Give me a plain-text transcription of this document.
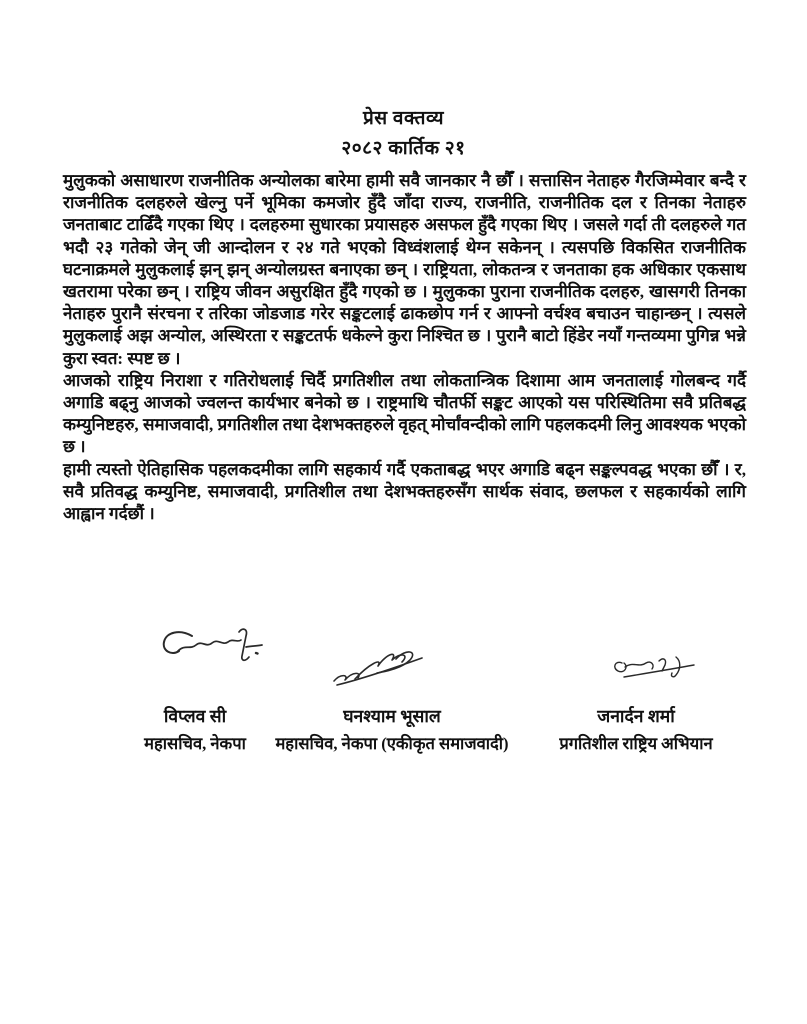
प्रेस वक्तव्य
२०८२ कार्तिक २१

मुलुकको असाधारण राजनीतिक अन्योलका बारेमा हामी सवै जानकार नै छौँ । सत्तासिन नेताहरु गैरजिम्मेवार बन्दै र राजनीतिक दलहरुले खेल्नु पर्ने भूमिका कमजोर हुँदै जाँदा राज्य, राजनीति, राजनीतिक दल र तिनका नेताहरु जनताबाट टाढिँदै गएका थिए । दलहरुमा सुधारका प्रयासहरु असफल हुँदै गएका थिए । जसले गर्दा ती दलहरुले गत भदौ २३ गतेको जेन् जी आन्दोलन र २४ गते भएको विध्वंशलाई थेग्न सकेनन् । त्यसपछि विकसित राजनीतिक घटनाक्रमले मुलुकलाई झन् झन् अन्योलग्रस्त बनाएका छन् । राष्ट्रियता, लोकतन्त्र र जनताका हक अधिकार एकसाथ खतरामा परेका छन् । राष्ट्रिय जीवन असुरक्षित हुँदै गएको छ । मुलुकका पुराना राजनीतिक दलहरु, खासगरी तिनका नेताहरु पुरानै संरचना र तरिका जोडजाड गरेर सङ्कटलाई ढाकछोप गर्न र आफ्नो वर्चश्व बचाउन चाहान्छन् । त्यसले मुलुकलाई अझ अन्योल, अस्थिरता र सङ्कटतर्फ धकेल्ने कुरा निश्चित छ । पुरानै बाटो हिंडेर नयाँ गन्तव्यमा पुगिन्न भन्ने कुरा स्वत: स्पष्ट छ ।

आजको राष्ट्रिय निराशा र गतिरोधलाई चिर्दै प्रगतिशील तथा लोकतान्त्रिक दिशामा आम जनतालाई गोलबन्द गर्दै अगाडि बढ्नु आजको ज्वलन्त कार्यभार बनेको छ । राष्ट्रमाथि चौतर्फी सङ्कट आएको यस परिस्थितिमा सवै प्रतिबद्ध कम्युनिष्टहरु, समाजवादी, प्रगतिशील तथा देशभक्तहरुले वृहत् मोर्चांवन्दीको लागि पहलकदमी लिनु आवश्यक भएको छ ।

हामी त्यस्तो ऐतिहासिक पहलकदमीका लागि सहकार्य गर्दै एकताबद्ध भएर अगाडि बढ्न सङ्कल्पवद्ध भएका छौँ । र, सवै प्रतिवद्ध कम्युनिष्ट, समाजवादी, प्रगतिशील तथा देशभक्तहरुसँग सार्थक संवाद, छलफल र सहकार्यको लागि आह्वान गर्दछौं ।

विप्लव सी
महासचिव, नेकपा
घनश्याम भूसाल
महासचिव, नेकपा (एकीकृत समाजवादी)
जनार्दन शर्मा
प्रगतिशील राष्ट्रिय अभियान
